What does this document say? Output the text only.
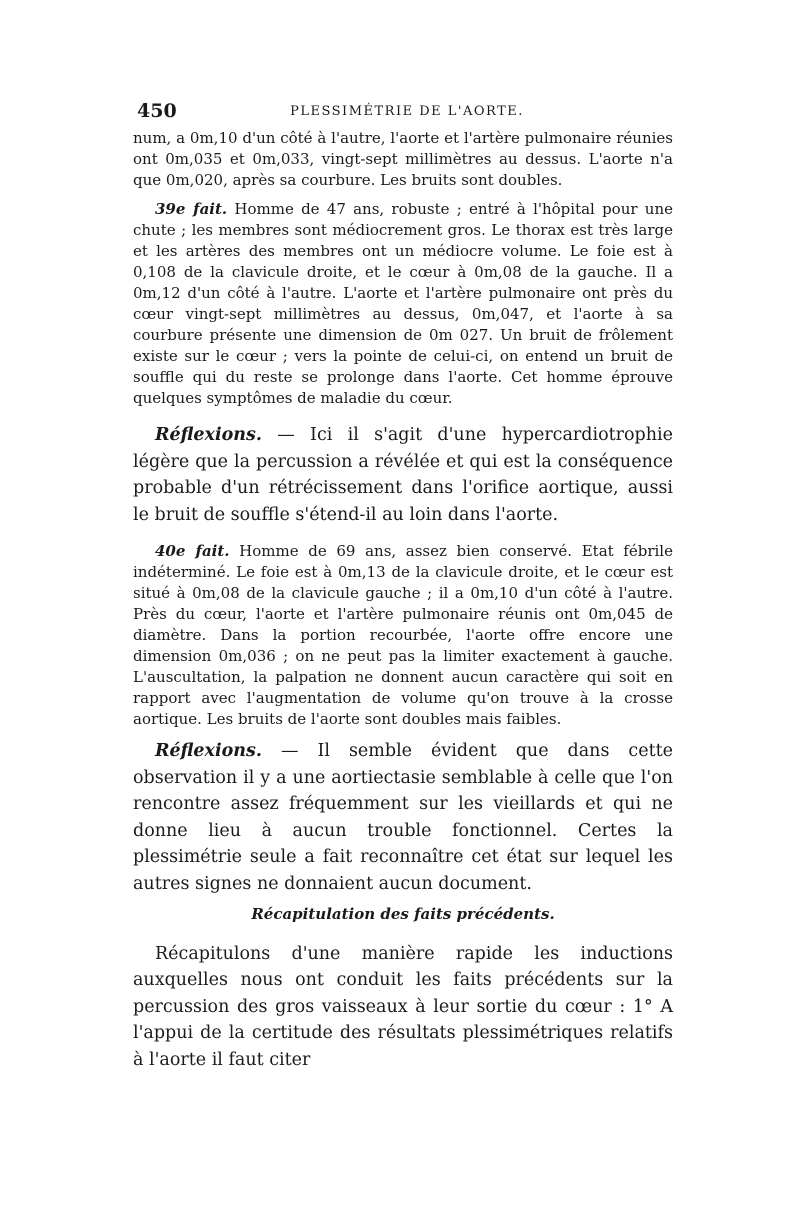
450	PLESSIMÉTRIE DE L'AORTE.

num, a 0m,10 d'un côté à l'autre, l'aorte et l'artère pulmonaire réunies ont 0m,035 et 0m,033, vingt-sept millimètres au dessus. L'aorte n'a que 0m,020, après sa courbure. Les bruits sont doubles.

39e fait. Homme de 47 ans, robuste ; entré à l'hôpital pour une chute ; les membres sont médiocrement gros. Le thorax est très large et les artères des membres ont un médiocre volume. Le foie est à 0,108 de la clavicule droite, et le cœur à 0m,08 de la gauche. Il a 0m,12 d'un côté à l'autre. L'aorte et l'artère pulmonaire ont près du cœur vingt-sept millimètres au dessus, 0m,047, et l'aorte à sa courbure présente une dimension de 0m 027. Un bruit de frôlement existe sur le cœur ; vers la pointe de celui-ci, on entend un bruit de souffle qui du reste se prolonge dans l'aorte. Cet homme éprouve quelques symptômes de maladie du cœur.

Réflexions. — Ici il s'agit d'une hypercardiotrophie légère que la percussion a révélée et qui est la conséquence probable d'un rétrécissement dans l'orifice aortique, aussi le bruit de souffle s'étend-il au loin dans l'aorte.

40e fait. Homme de 69 ans, assez bien conservé. Etat fébrile indéterminé. Le foie est à 0m,13 de la clavicule droite, et le cœur est situé à 0m,08 de la clavicule gauche ; il a 0m,10 d'un côté à l'autre. Près du cœur, l'aorte et l'artère pulmonaire réunis ont 0m,045 de diamètre. Dans la portion recourbée, l'aorte offre encore une dimension 0m,036 ; on ne peut pas la limiter exactement à gauche. L'auscultation, la palpation ne donnent aucun caractère qui soit en rapport avec l'augmentation de volume qu'on trouve à la crosse aortique. Les bruits de l'aorte sont doubles mais faibles.

Réflexions. — Il semble évident que dans cette observation il y a une aortiectasie semblable à celle que l'on rencontre assez fréquemment sur les vieillards et qui ne donne lieu à aucun trouble fonctionnel. Certes la plessimétrie seule a fait reconnaître cet état sur lequel les autres signes ne donnaient aucun document.

Récapitulation des faits précédents.

Récapitulons d'une manière rapide les inductions auxquelles nous ont conduit les faits précédents sur la percussion des gros vaisseaux à leur sortie du cœur : 1° A l'appui de la certitude des résultats plessimétriques relatifs à l'aorte il faut citer
